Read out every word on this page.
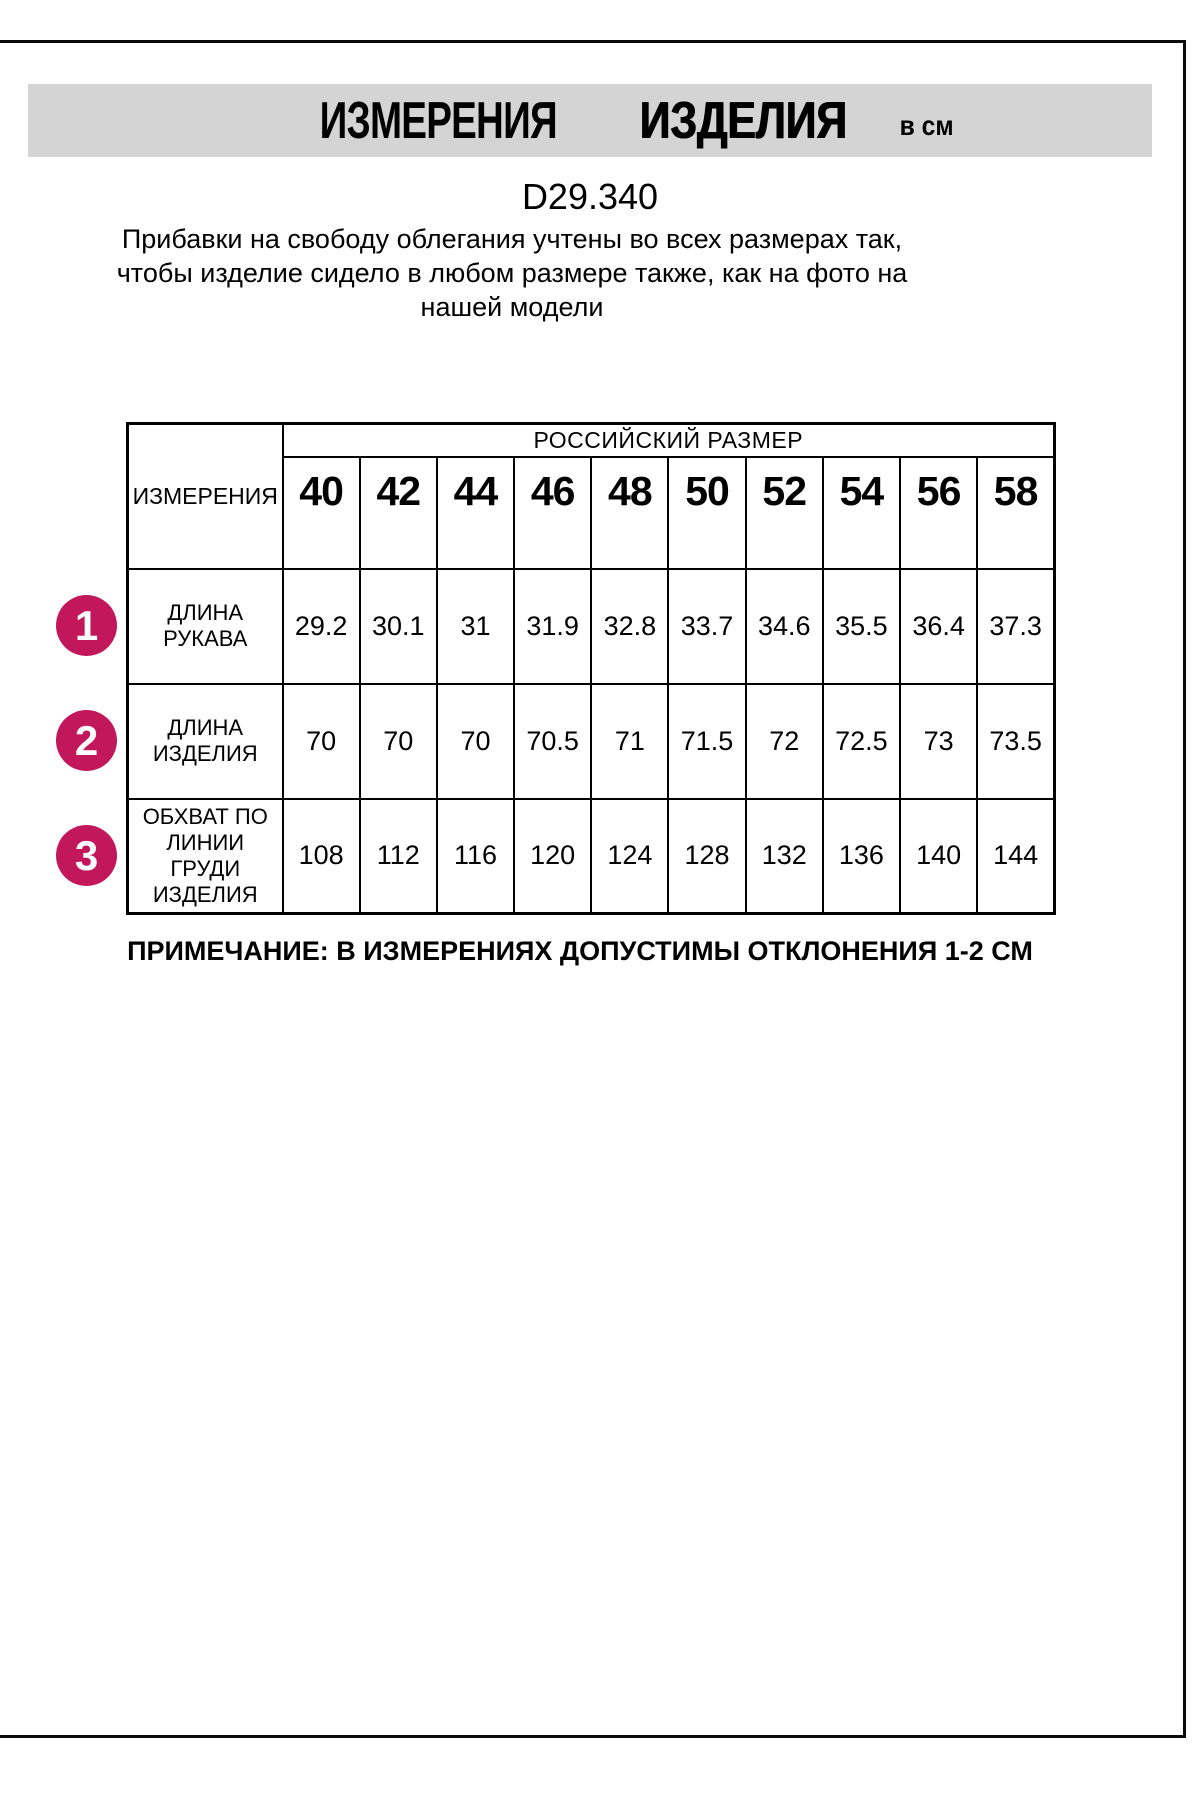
ИЗМЕРЕНИЯ ИЗДЕЛИЯ в см
D29.340
Прибавки на свободу облегания учтены во всех размерах так, чтобы изделие сидело в любом размере также, как на фото на нашей модели
ИЗМЕРЕНИЯ	РОССИЙСКИЙ РАЗМЕР									
	40	42	44	46	48	50	52	54	56	58
ДЛИНА РУКАВА	29.2	30.1	31	31.9	32.8	33.7	34.6	35.5	36.4	37.3
ДЛИНА ИЗДЕЛИЯ	70	70	70	70.5	71	71.5	72	72.5	73	73.5
ОБХВАТ ПО ЛИНИИ ГРУДИ ИЗДЕЛИЯ	108	112	116	120	124	128	132	136	140	144
1
2
3
ПРИМЕЧАНИЕ: В ИЗМЕРЕНИЯХ ДОПУСТИМЫ ОТКЛОНЕНИЯ 1-2 СМ
